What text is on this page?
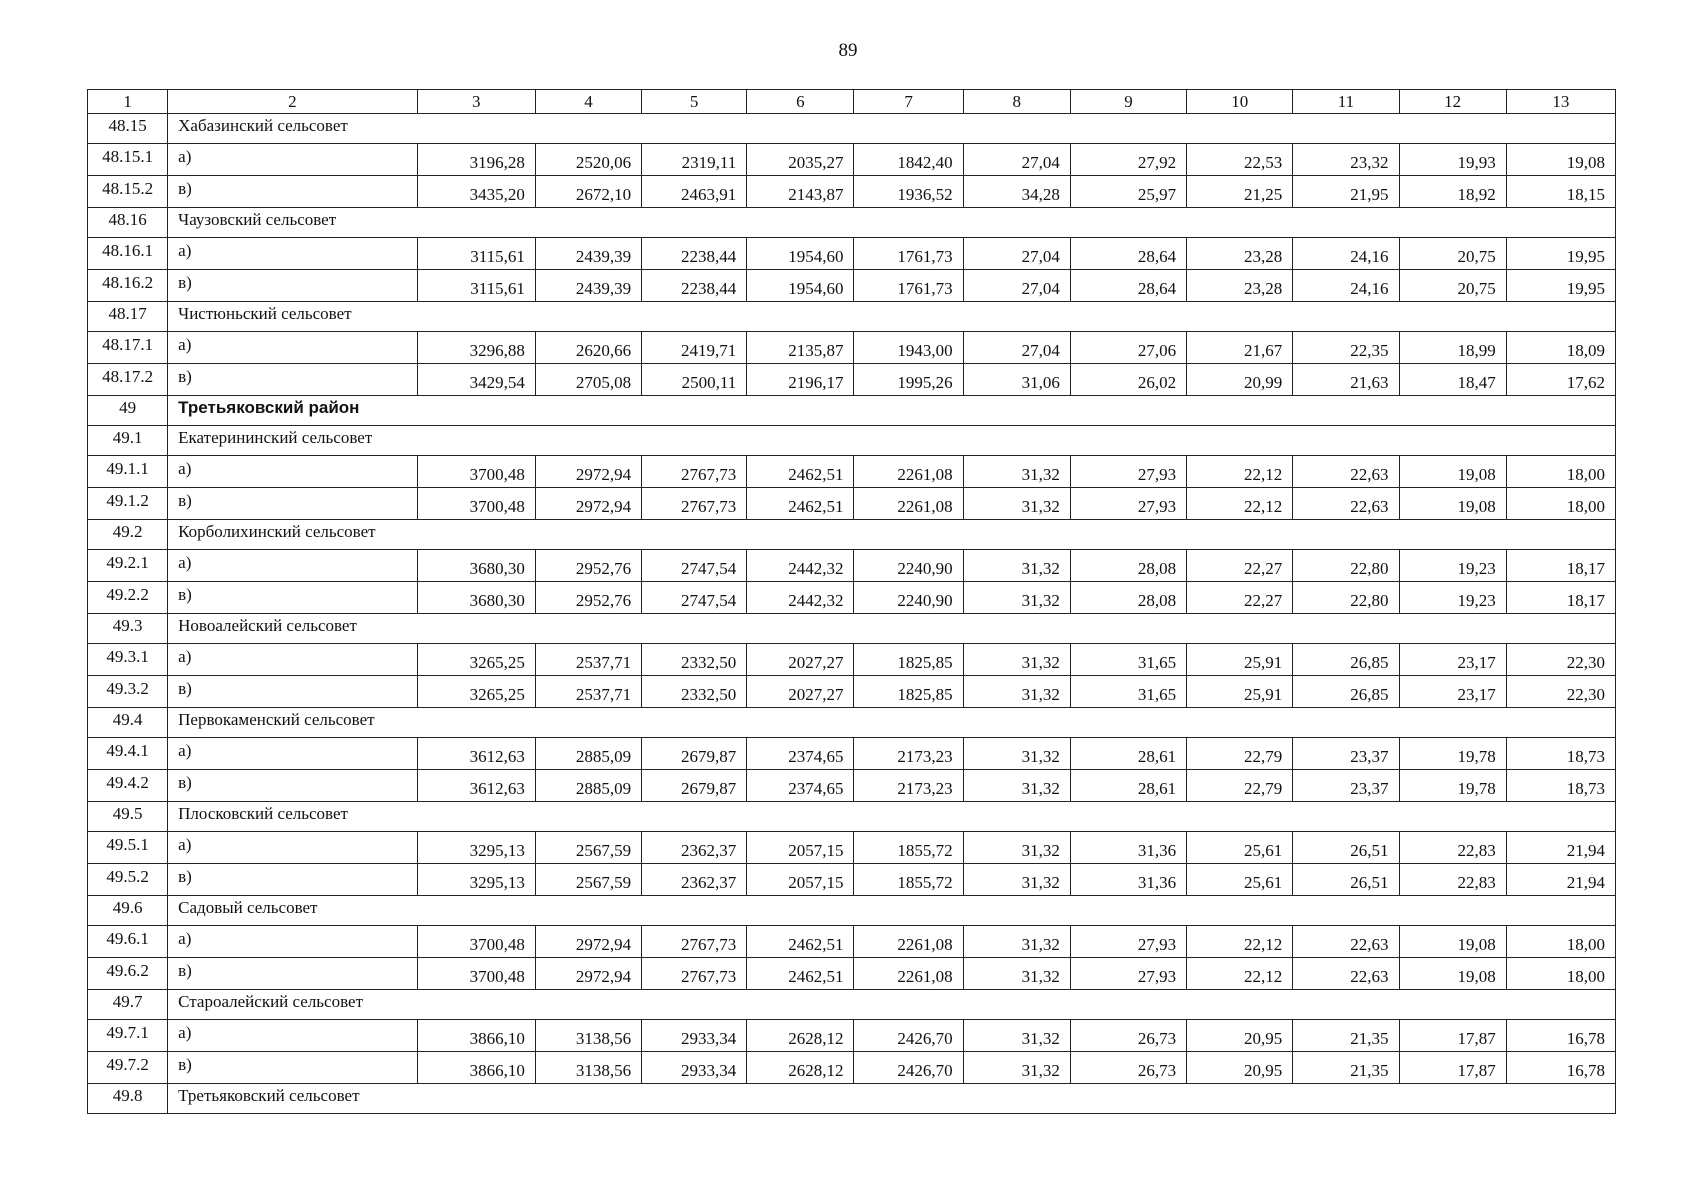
89
1	2	3	4	5	6	7	8	9	10	11	12	13
48.15	Хабазинский сельсовет											
48.15.1	а)	3196,28	2520,06	2319,11	2035,27	1842,40	27,04	27,92	22,53	23,32	19,93	19,08
48.15.2	в)	3435,20	2672,10	2463,91	2143,87	1936,52	34,28	25,97	21,25	21,95	18,92	18,15
48.16	Чаузовский сельсовет											
48.16.1	а)	3115,61	2439,39	2238,44	1954,60	1761,73	27,04	28,64	23,28	24,16	20,75	19,95
48.16.2	в)	3115,61	2439,39	2238,44	1954,60	1761,73	27,04	28,64	23,28	24,16	20,75	19,95
48.17	Чистюньский сельсовет											
48.17.1	а)	3296,88	2620,66	2419,71	2135,87	1943,00	27,04	27,06	21,67	22,35	18,99	18,09
48.17.2	в)	3429,54	2705,08	2500,11	2196,17	1995,26	31,06	26,02	20,99	21,63	18,47	17,62
49	Третьяковский район											
49.1	Екатерининский сельсовет											
49.1.1	а)	3700,48	2972,94	2767,73	2462,51	2261,08	31,32	27,93	22,12	22,63	19,08	18,00
49.1.2	в)	3700,48	2972,94	2767,73	2462,51	2261,08	31,32	27,93	22,12	22,63	19,08	18,00
49.2	Корболихинский сельсовет											
49.2.1	а)	3680,30	2952,76	2747,54	2442,32	2240,90	31,32	28,08	22,27	22,80	19,23	18,17
49.2.2	в)	3680,30	2952,76	2747,54	2442,32	2240,90	31,32	28,08	22,27	22,80	19,23	18,17
49.3	Новоалейский сельсовет											
49.3.1	а)	3265,25	2537,71	2332,50	2027,27	1825,85	31,32	31,65	25,91	26,85	23,17	22,30
49.3.2	в)	3265,25	2537,71	2332,50	2027,27	1825,85	31,32	31,65	25,91	26,85	23,17	22,30
49.4	Первокаменский сельсовет											
49.4.1	а)	3612,63	2885,09	2679,87	2374,65	2173,23	31,32	28,61	22,79	23,37	19,78	18,73
49.4.2	в)	3612,63	2885,09	2679,87	2374,65	2173,23	31,32	28,61	22,79	23,37	19,78	18,73
49.5	Плосковский сельсовет											
49.5.1	а)	3295,13	2567,59	2362,37	2057,15	1855,72	31,32	31,36	25,61	26,51	22,83	21,94
49.5.2	в)	3295,13	2567,59	2362,37	2057,15	1855,72	31,32	31,36	25,61	26,51	22,83	21,94
49.6	Садовый сельсовет											
49.6.1	а)	3700,48	2972,94	2767,73	2462,51	2261,08	31,32	27,93	22,12	22,63	19,08	18,00
49.6.2	в)	3700,48	2972,94	2767,73	2462,51	2261,08	31,32	27,93	22,12	22,63	19,08	18,00
49.7	Староалейский сельсовет											
49.7.1	а)	3866,10	3138,56	2933,34	2628,12	2426,70	31,32	26,73	20,95	21,35	17,87	16,78
49.7.2	в)	3866,10	3138,56	2933,34	2628,12	2426,70	31,32	26,73	20,95	21,35	17,87	16,78
49.8	Третьяковский сельсовет											
